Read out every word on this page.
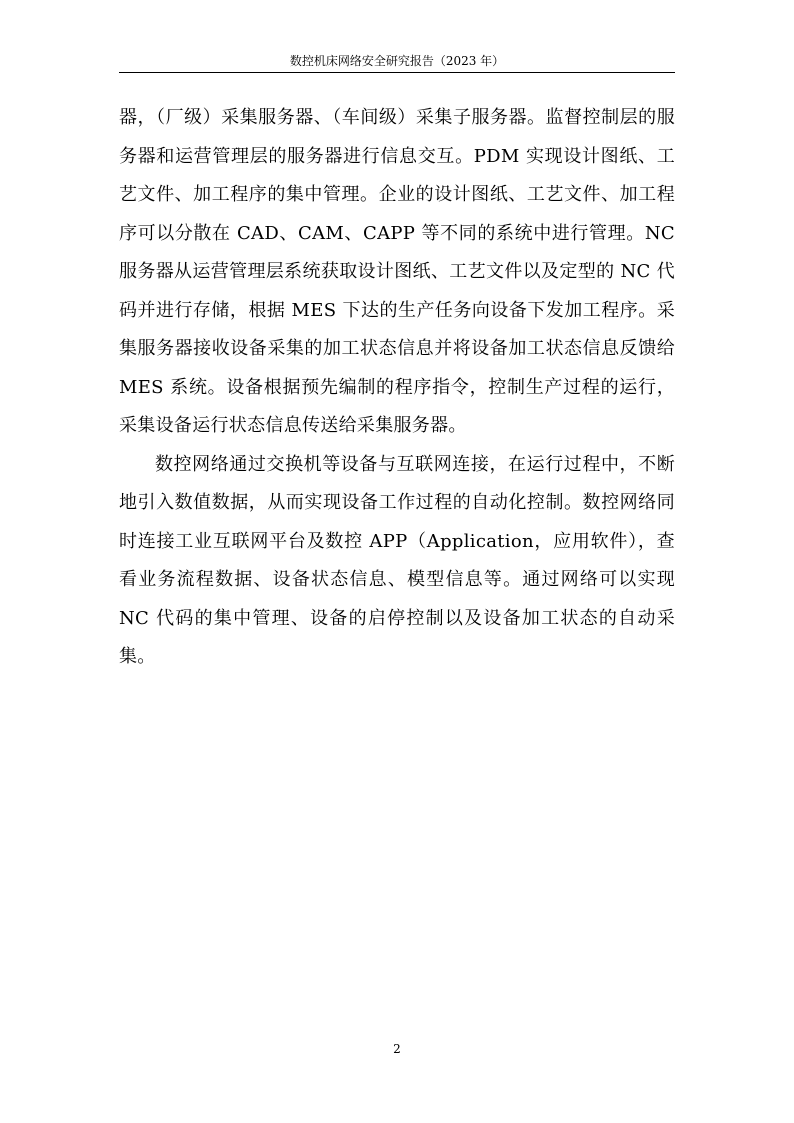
数控机床网络安全研究报告（2023 年）

器，（厂级）采集服务器、（车间级）采集子服务器。监督控制层的服务器和运营管理层的服务器进行信息交互。PDM 实现设计图纸、工艺文件、加工程序的集中管理。企业的设计图纸、工艺文件、加工程序可以分散在 CAD、CAM、CAPP 等不同的系统中进行管理。NC 服务器从运营管理层系统获取设计图纸、工艺文件以及定型的 NC 代码并进行存储，根据 MES 下达的生产任务向设备下发加工程序。采集服务器接收设备采集的加工状态信息并将设备加工状态信息反馈给 MES 系统。设备根据预先编制的程序指令，控制生产过程的运行，采集设备运行状态信息传送给采集服务器。

数控网络通过交换机等设备与互联网连接，在运行过程中，不断地引入数值数据，从而实现设备工作过程的自动化控制。数控网络同时连接工业互联网平台及数控 APP（Application，应用软件），查看业务流程数据、设备状态信息、模型信息等。通过网络可以实现 NC 代码的集中管理、设备的启停控制以及设备加工状态的自动采集。

2
